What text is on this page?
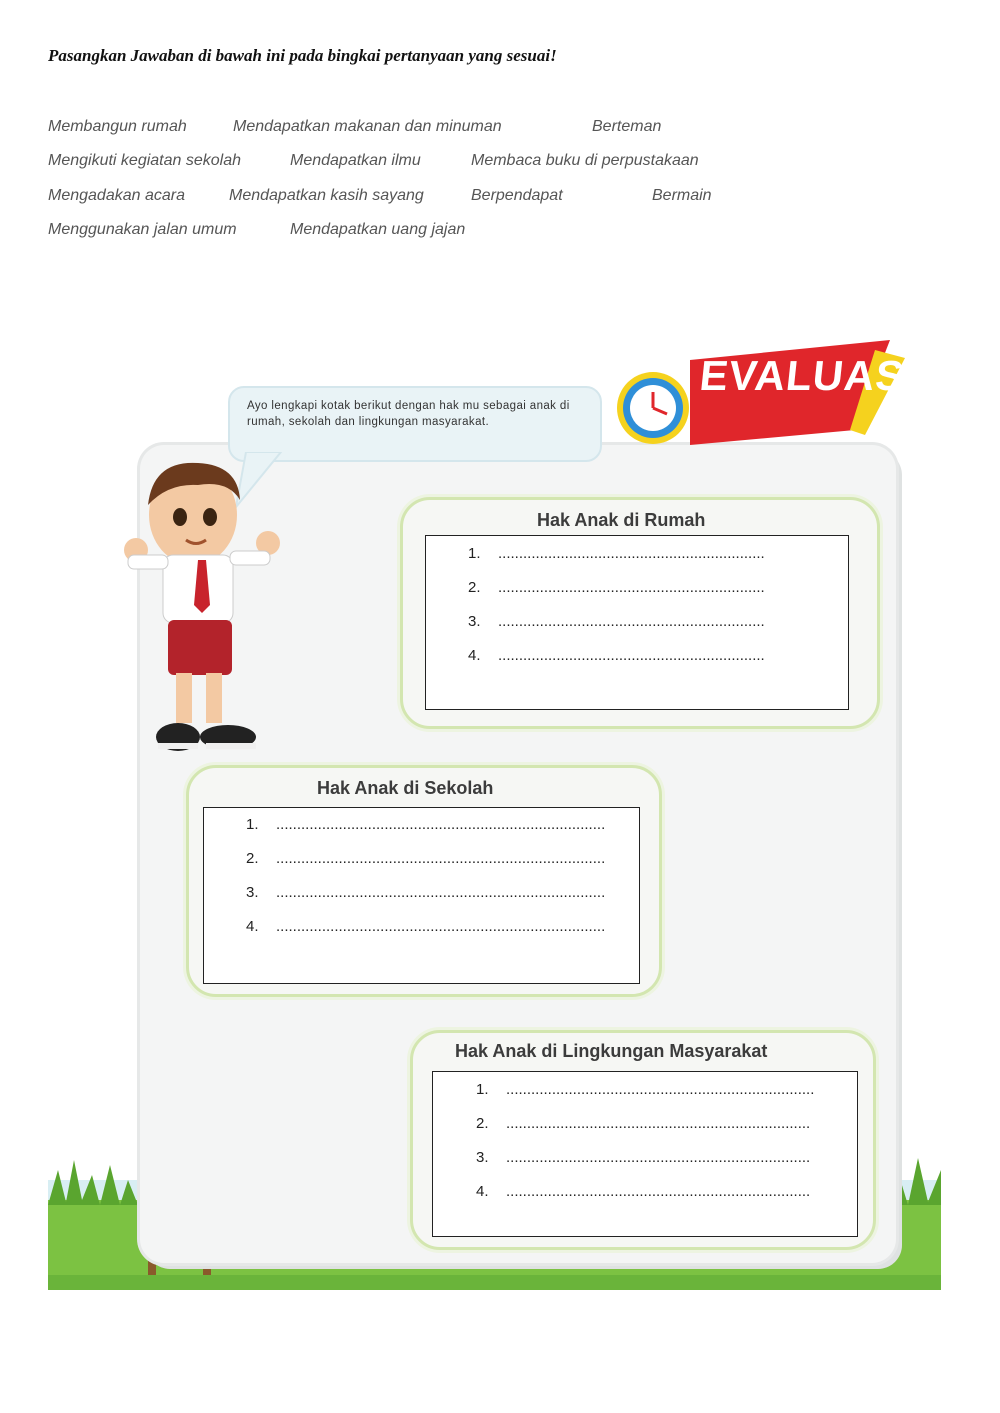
Pasangkan Jawaban di bawah ini pada bingkai pertanyaan yang sesuai!
Membangun rumah	Mendapatkan makanan dan minuman	Berteman
Mengikuti kegiatan sekolah	Mendapatkan ilmu	Membaca buku di perpustakaan
Mengadakan acara	Mendapatkan kasih sayang	Berpendapat	Bermain
Menggunakan jalan umum	Mendapatkan uang jajan
Ayo lengkapi kotak berikut dengan hak mu sebagai anak di rumah, sekolah dan lingkungan masyarakat.
EVALUASI
Hak Anak di Rumah
1. ................................................................
2. ................................................................
3. ................................................................
4. ................................................................
Hak Anak di Sekolah
1. ...............................................................................
2. ...............................................................................
3. ...............................................................................
4. ...............................................................................
Hak Anak di Lingkungan Masyarakat
1. ..........................................................................
2. .........................................................................
3. .........................................................................
4. .........................................................................
